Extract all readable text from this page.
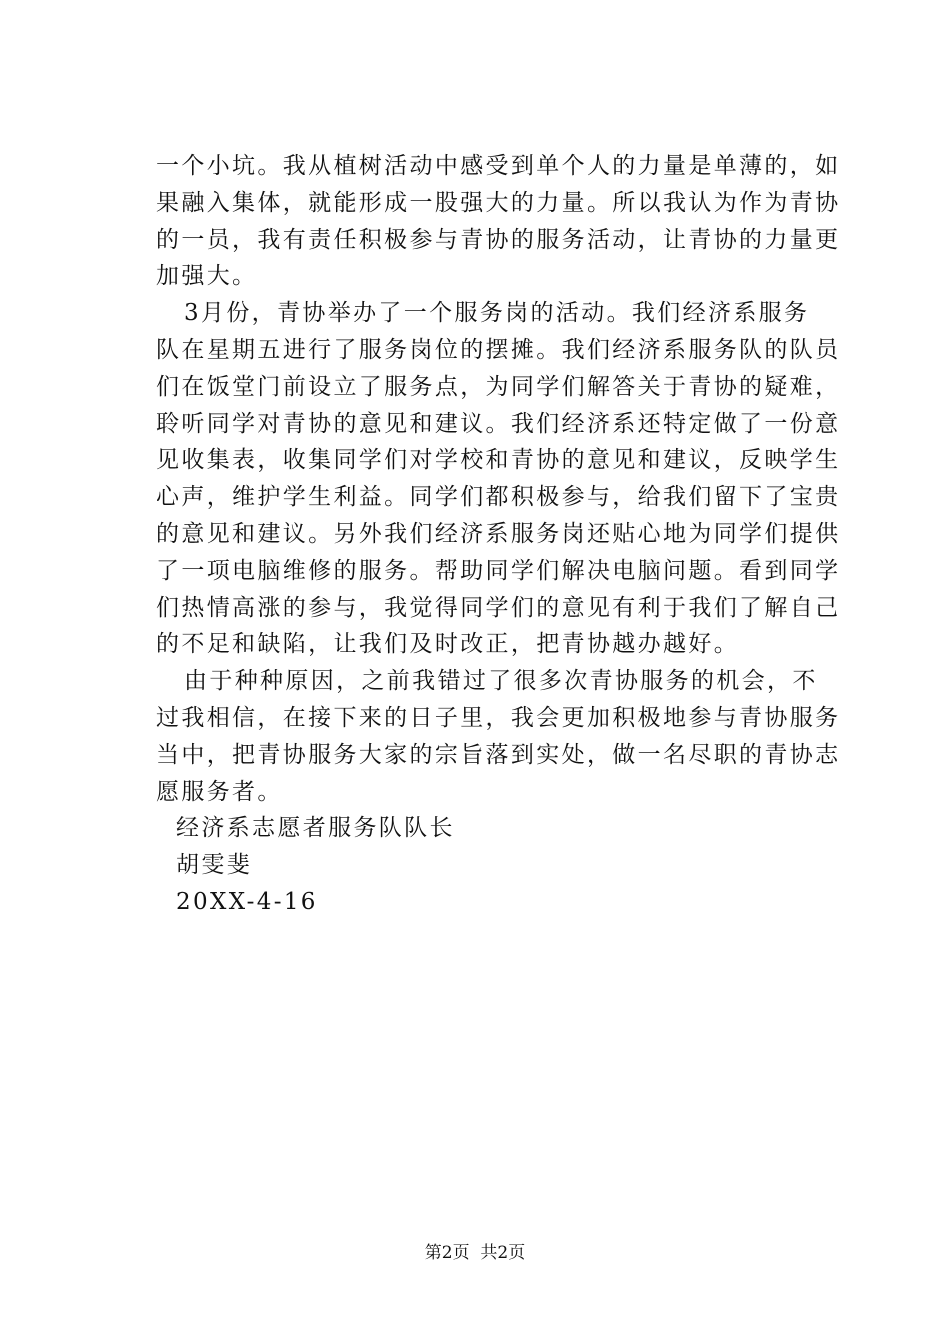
一个小坑。我从植树活动中感受到单个人的力量是单薄的，如
果融入集体，就能形成一股强大的力量。所以我认为作为青协
的一员，我有责任积极参与青协的服务活动，让青协的力量更
加强大。
3月份，青协举办了一个服务岗的活动。我们经济系服务
队在星期五进行了服务岗位的摆摊。我们经济系服务队的队员
们在饭堂门前设立了服务点，为同学们解答关于青协的疑难，
聆听同学对青协的意见和建议。我们经济系还特定做了一份意
见收集表，收集同学们对学校和青协的意见和建议，反映学生
心声，维护学生利益。同学们都积极参与，给我们留下了宝贵
的意见和建议。另外我们经济系服务岗还贴心地为同学们提供
了一项电脑维修的服务。帮助同学们解决电脑问题。看到同学
们热情高涨的参与，我觉得同学们的意见有利于我们了解自己
的不足和缺陷，让我们及时改正，把青协越办越好。
由于种种原因，之前我错过了很多次青协服务的机会，不
过我相信，在接下来的日子里，我会更加积极地参与青协服务
当中，把青协服务大家的宗旨落到实处，做一名尽职的青协志
愿服务者。
经济系志愿者服务队队长
胡雯斐
20XX-4-16
第2页  共2页
